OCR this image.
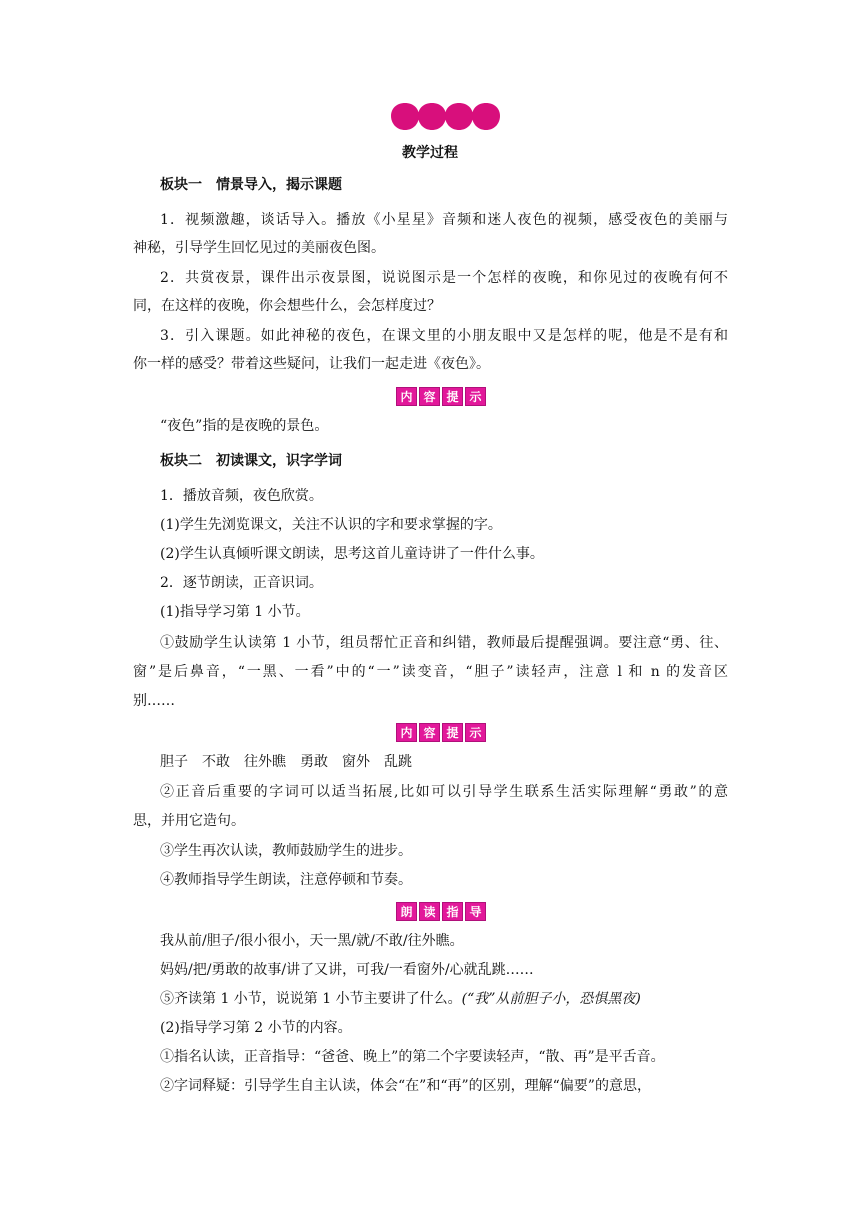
教学过程
板块一　情景导入，揭示课题
1．视频激趣，谈话导入。播放《小星星》音频和迷人夜色的视频，感受夜色的美丽与
神秘，引导学生回忆见过的美丽夜色图。
2．共赏夜景，课件出示夜景图，说说图示是一个怎样的夜晚，和你见过的夜晚有何不
同，在这样的夜晚，你会想些什么，会怎样度过？
3．引入课题。如此神秘的夜色，在课文里的小朋友眼中又是怎样的呢，他是不是有和
你一样的感受？带着这些疑问，让我们一起走进《夜色》。
内 容 提 示
“夜色”指的是夜晚的景色。
板块二　初读课文，识字学词
1．播放音频，夜色欣赏。
(1)学生先浏览课文，关注不认识的字和要求掌握的字。
(2)学生认真倾听课文朗读，思考这首儿童诗讲了一件什么事。
2．逐节朗读，正音识词。
(1)指导学习第 1 小节。
①鼓励学生认读第 1 小节，组员帮忙正音和纠错，教师最后提醒强调。要注意“勇、往、
窗”是后鼻音，“一黑、一看”中的“一”读变音，“胆子”读轻声，注意 l 和 n 的发音区
别……
内 容 提 示
胆子　不敢　往外瞧　勇敢　窗外　乱跳
②正音后重要的字词可以适当拓展,比如可以引导学生联系生活实际理解“勇敢”的意
思，并用它造句。
③学生再次认读，教师鼓励学生的进步。
④教师指导学生朗读，注意停顿和节奏。
朗 读 指 导
我从前/胆子/很小很小，天一黑/就/不敢/往外瞧。
妈妈/把/勇敢的故事/讲了又讲，可我/一看窗外/心就乱跳……
⑤齐读第 1 小节，说说第 1 小节主要讲了什么。(“我”从前胆子小，恐惧黑夜)
(2)指导学习第 2 小节的内容。
①指名认读，正音指导：“爸爸、晚上”的第二个字要读轻声，“散、再”是平舌音。
②字词释疑：引导学生自主认读，体会“在”和“再”的区别，理解“偏要”的意思，
